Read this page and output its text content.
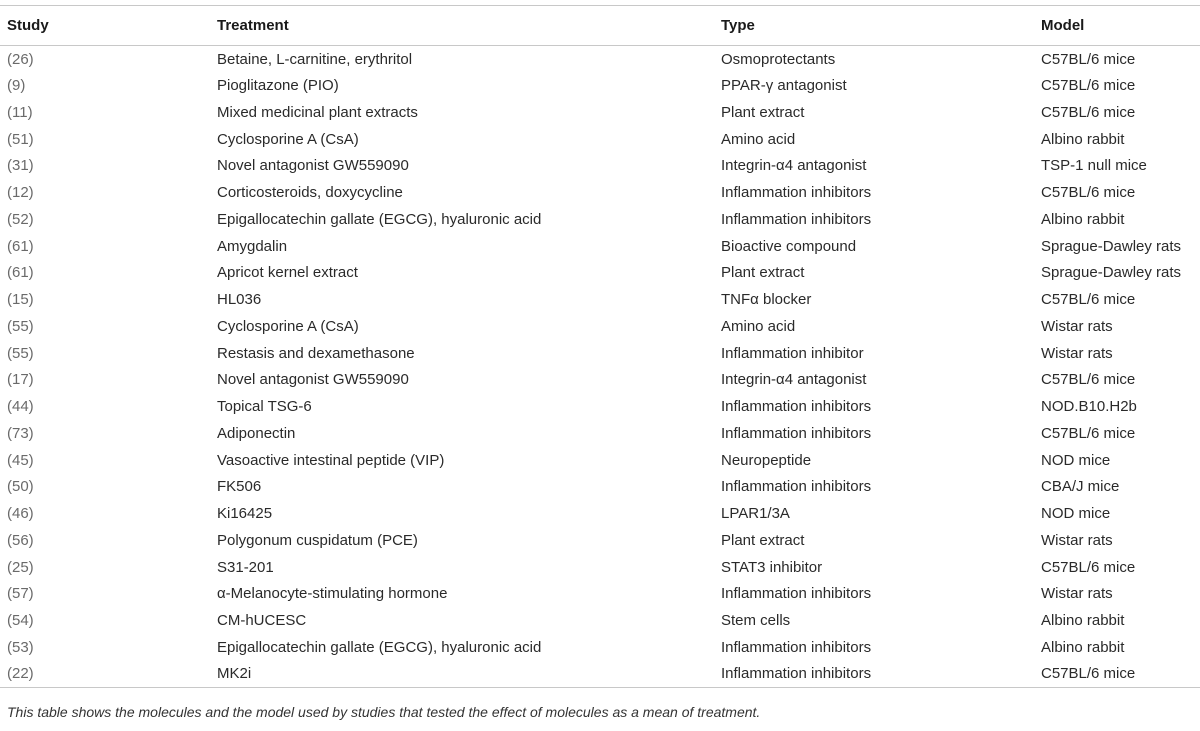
Study	Treatment	Type	Model
(26)	Betaine, L-carnitine, erythritol	Osmoprotectants	C57BL/6 mice
(9)	Pioglitazone (PIO)	PPAR-γ antagonist	C57BL/6 mice
(11)	Mixed medicinal plant extracts	Plant extract	C57BL/6 mice
(51)	Cyclosporine A (CsA)	Amino acid	Albino rabbit
(31)	Novel antagonist GW559090	Integrin-α4 antagonist	TSP-1 null mice
(12)	Corticosteroids, doxycycline	Inflammation inhibitors	C57BL/6 mice
(52)	Epigallocatechin gallate (EGCG), hyaluronic acid	Inflammation inhibitors	Albino rabbit
(61)	Amygdalin	Bioactive compound	Sprague-Dawley rats
(61)	Apricot kernel extract	Plant extract	Sprague-Dawley rats
(15)	HL036	TNFα blocker	C57BL/6 mice
(55)	Cyclosporine A (CsA)	Amino acid	Wistar rats
(55)	Restasis and dexamethasone	Inflammation inhibitor	Wistar rats
(17)	Novel antagonist GW559090	Integrin-α4 antagonist	C57BL/6 mice
(44)	Topical TSG-6	Inflammation inhibitors	NOD.B10.H2b
(73)	Adiponectin	Inflammation inhibitors	C57BL/6 mice
(45)	Vasoactive intestinal peptide (VIP)	Neuropeptide	NOD mice
(50)	FK506	Inflammation inhibitors	CBA/J mice
(46)	Ki16425	LPAR1/3A	NOD mice
(56)	Polygonum cuspidatum (PCE)	Plant extract	Wistar rats
(25)	S31-201	STAT3 inhibitor	C57BL/6 mice
(57)	α-Melanocyte-stimulating hormone	Inflammation inhibitors	Wistar rats
(54)	CM-hUCESC	Stem cells	Albino rabbit
(53)	Epigallocatechin gallate (EGCG), hyaluronic acid	Inflammation inhibitors	Albino rabbit
(22)	MK2i	Inflammation inhibitors	C57BL/6 mice
This table shows the molecules and the model used by studies that tested the effect of molecules as a mean of treatment.
